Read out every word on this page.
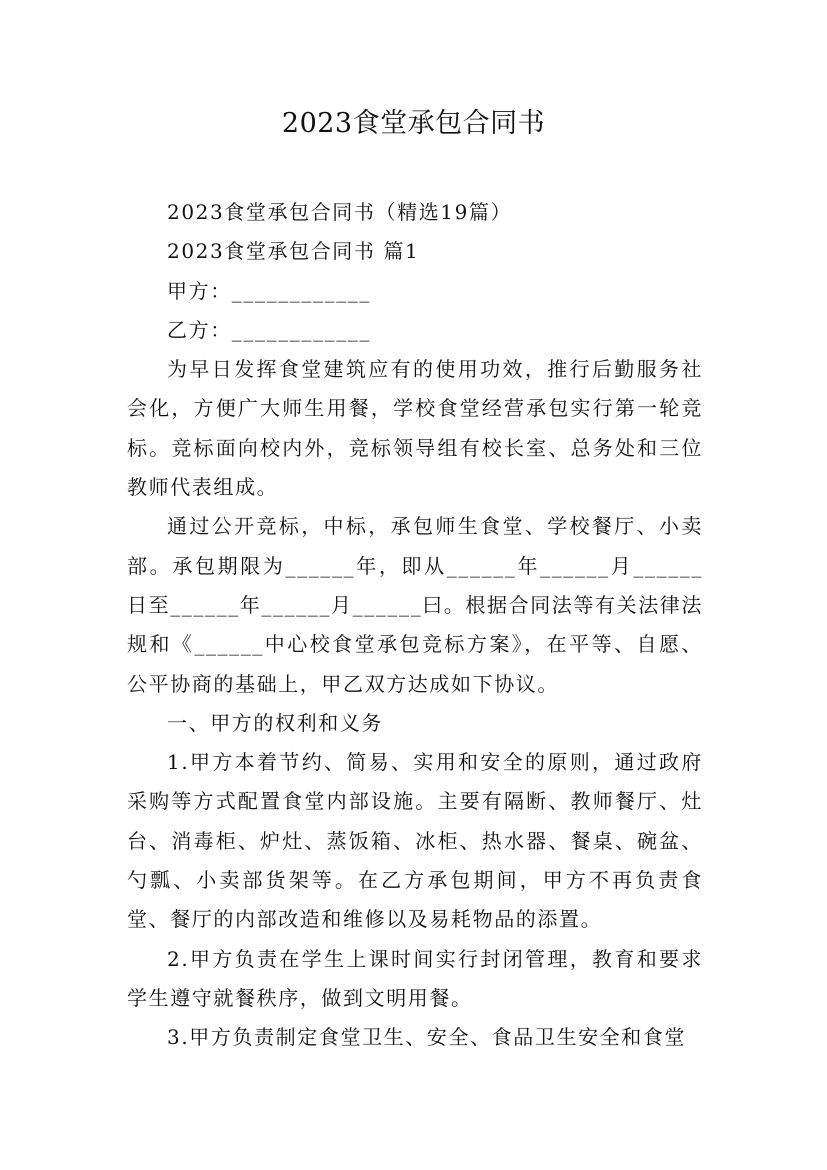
2023食堂承包合同书

2023食堂承包合同书（精选19篇）

2023食堂承包合同书 篇1

甲方：____________

乙方：____________

为早日发挥食堂建筑应有的使用功效，推行后勤服务社会化，方便广大师生用餐，学校食堂经营承包实行第一轮竞标。竞标面向校内外，竞标领导组有校长室、总务处和三位教师代表组成。

通过公开竞标，中标，承包师生食堂、学校餐厅、小卖部。承包期限为______年，即从______年______月______日至______年______月______曰。根据合同法等有关法律法规和《______中心校食堂承包竞标方案》，在平等、自愿、公平协商的基础上，甲乙双方达成如下协议。

一、甲方的权利和义务

1.甲方本着节约、简易、实用和安全的原则，通过政府采购等方式配置食堂内部设施。主要有隔断、教师餐厅、灶台、消毒柜、炉灶、蒸饭箱、冰柜、热水器、餐桌、碗盆、勺瓢、小卖部货架等。在乙方承包期间，甲方不再负责食堂、餐厅的内部改造和维修以及易耗物品的添置。

2.甲方负责在学生上课时间实行封闭管理，教育和要求学生遵守就餐秩序，做到文明用餐。

3.甲方负责制定食堂卫生、安全、食品卫生安全和食堂
